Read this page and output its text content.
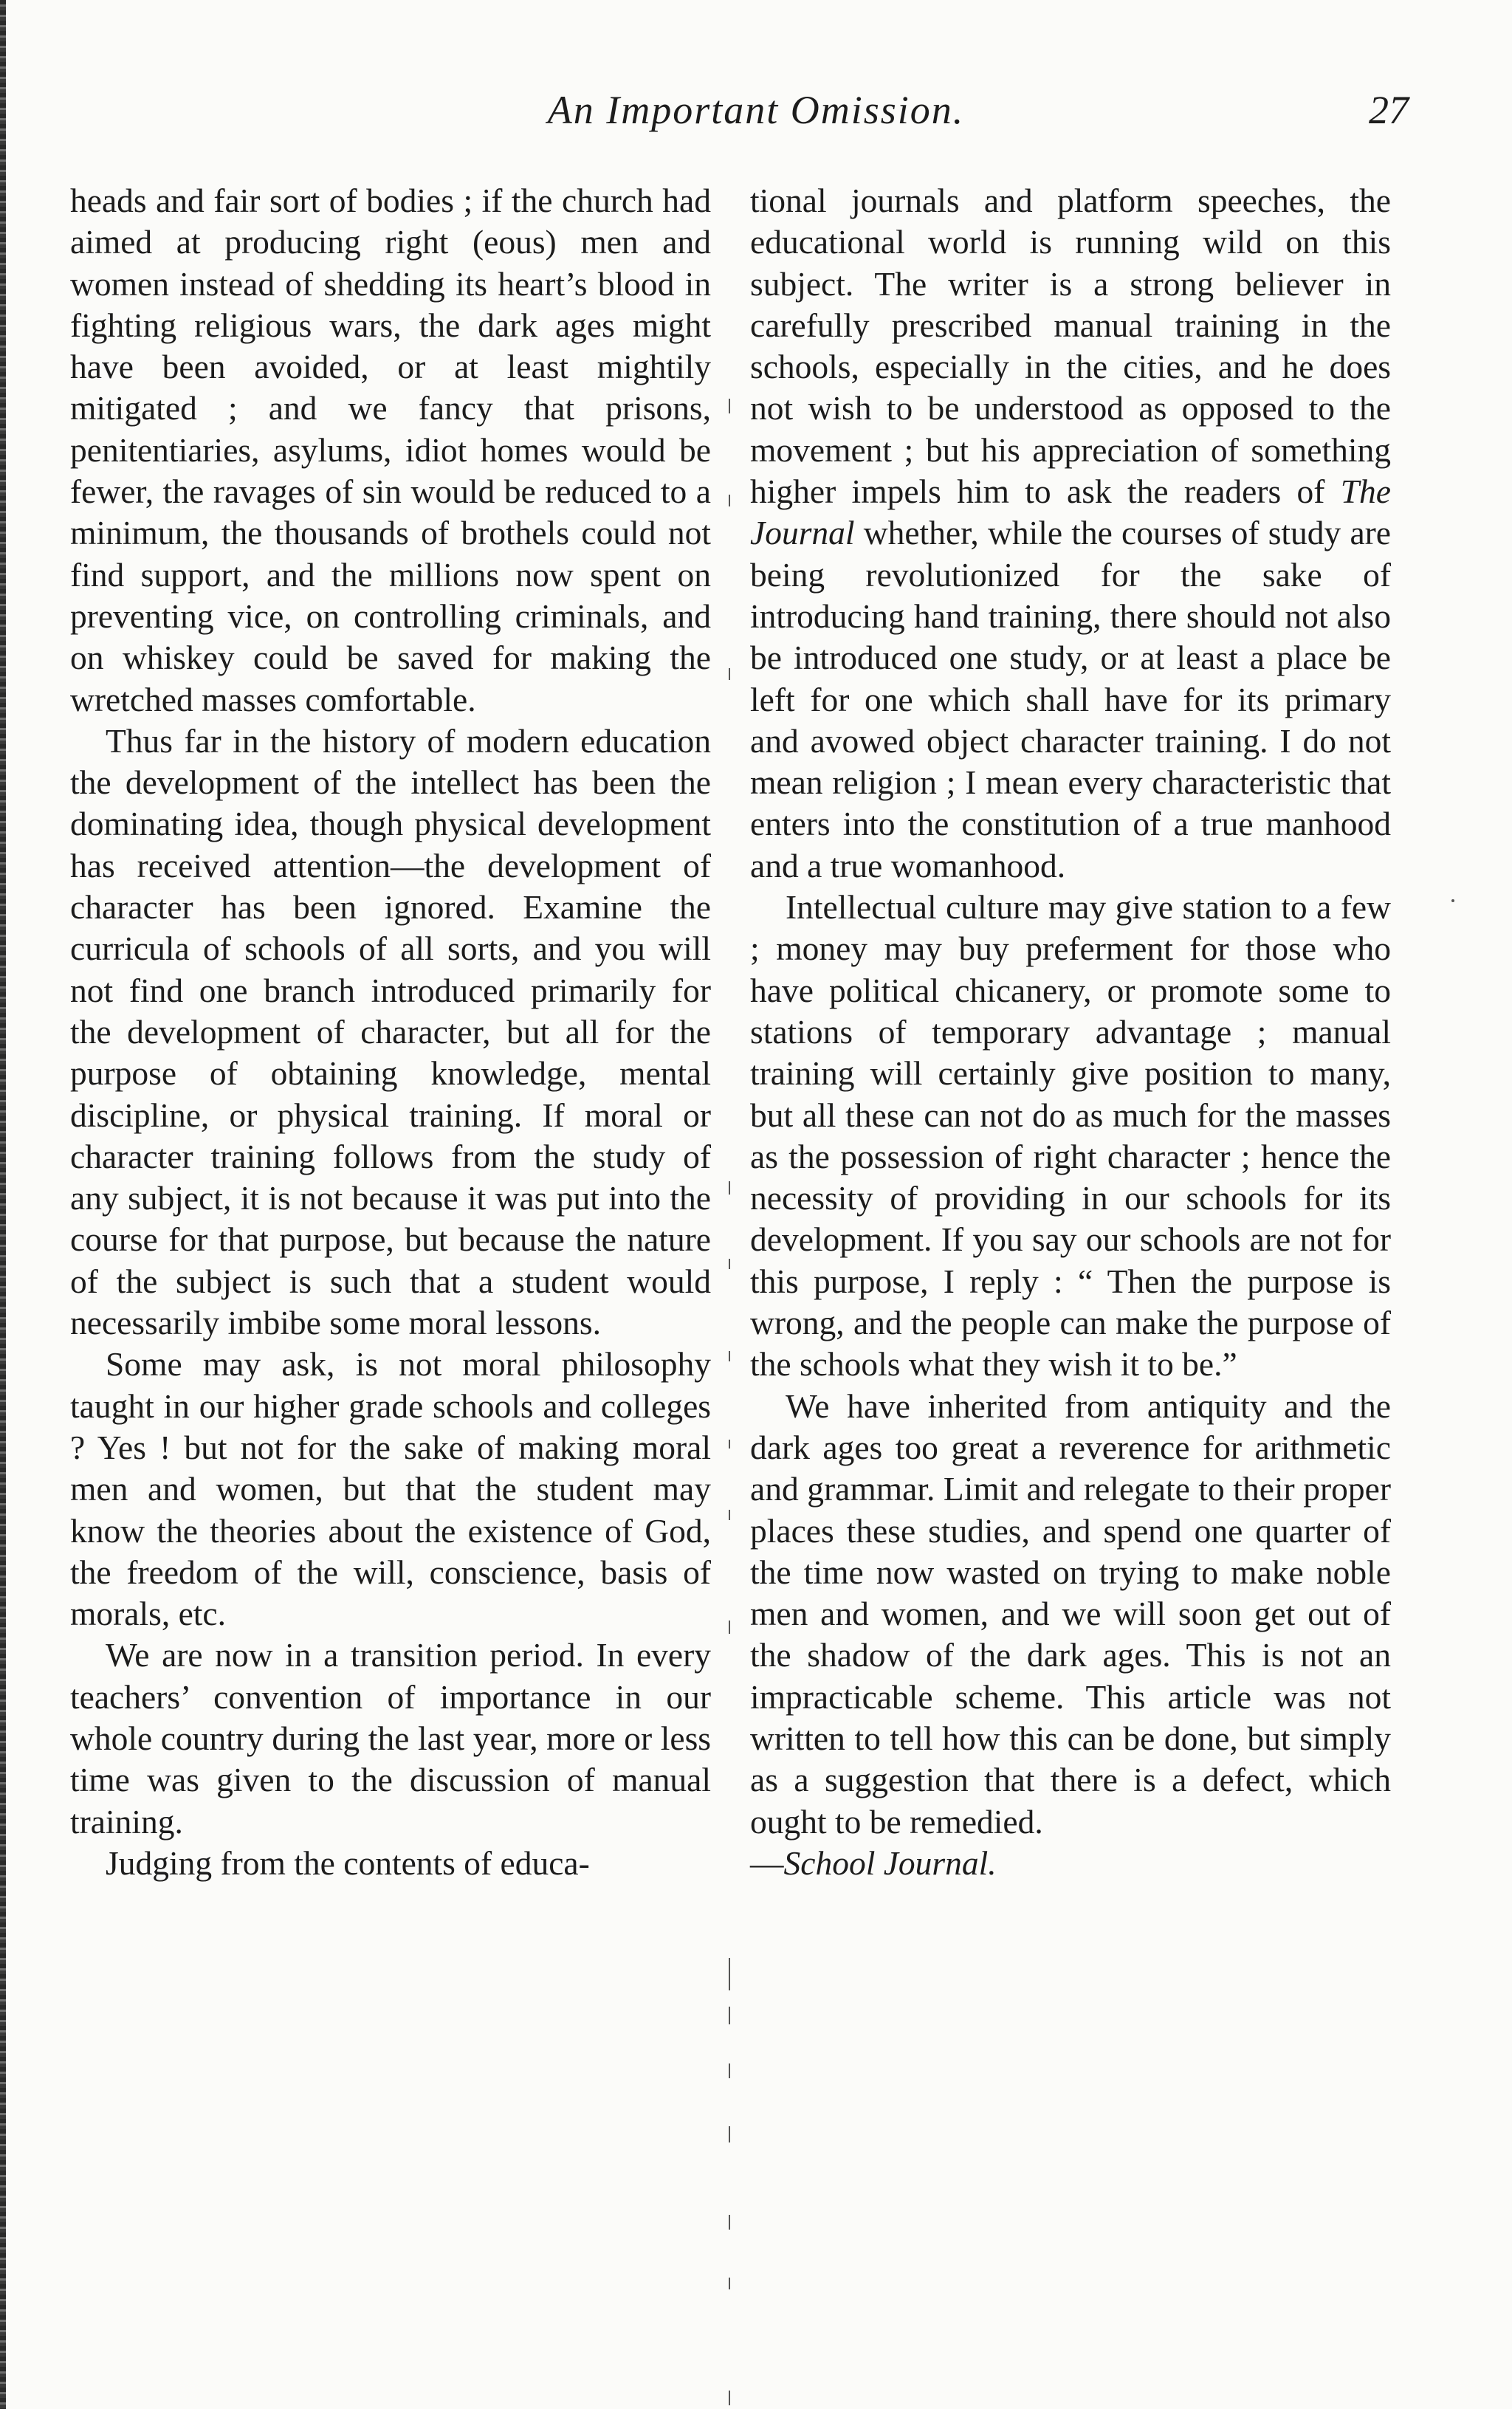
An Important Omission.	27

heads and fair sort of bodies ; if the church had aimed at producing right (eous) men and women instead of shedding its heart’s blood in fighting religious wars, the dark ages might have been avoided, or at least mightily mitigated ; and we fancy that prisons, penitentiaries, asylums, idiot homes would be fewer, the ravages of sin would be reduced to a minimum, the thousands of brothels could not find support, and the millions now spent on preventing vice, on controlling criminals, and on whiskey could be saved for making the wretched masses comfortable.

Thus far in the history of modern education the development of the intellect has been the dominating idea, though physical development has received attention—the development of character has been ignored. Examine the curricula of schools of all sorts, and you will not find one branch introduced primarily for the development of character, but all for the purpose of obtaining knowledge, mental discipline, or physical training. If moral or character training follows from the study of any subject, it is not because it was put into the course for that purpose, but because the nature of the subject is such that a student would necessarily imbibe some moral lessons.

Some may ask, is not moral philosophy taught in our higher grade schools and colleges ? Yes ! but not for the sake of making moral men and women, but that the student may know the theories about the existence of God, the freedom of the will, conscience, basis of morals, etc.

We are now in a transition period. In every teachers’ convention of importance in our whole country during the last year, more or less time was given to the discussion of manual training.

Judging from the contents of educa-

tional journals and platform speeches, the educational world is running wild on this subject. The writer is a strong believer in carefully prescribed manual training in the schools, especially in the cities, and he does not wish to be understood as opposed to the movement ; but his appreciation of something higher impels him to ask the readers of The Journal whether, while the courses of study are being revolutionized for the sake of introducing hand training, there should not also be introduced one study, or at least a place be left for one which shall have for its primary and avowed object character training. I do not mean religion ; I mean every characteristic that enters into the constitution of a true manhood and a true womanhood.

Intellectual culture may give station to a few ; money may buy preferment for those who have political chicanery, or promote some to stations of temporary advantage ; manual training will certainly give position to many, but all these can not do as much for the masses as the possession of right character ; hence the necessity of providing in our schools for its development. If you say our schools are not for this purpose, I reply : “ Then the purpose is wrong, and the people can make the purpose of the schools what they wish it to be.”

We have inherited from antiquity and the dark ages too great a reverence for arithmetic and grammar. Limit and relegate to their proper places these studies, and spend one quarter of the time now wasted on trying to make noble men and women, and we will soon get out of the shadow of the dark ages. This is not an impracticable scheme. This article was not written to tell how this can be done, but simply as a suggestion that there is a defect, which ought to be remedied.

—School Journal.
